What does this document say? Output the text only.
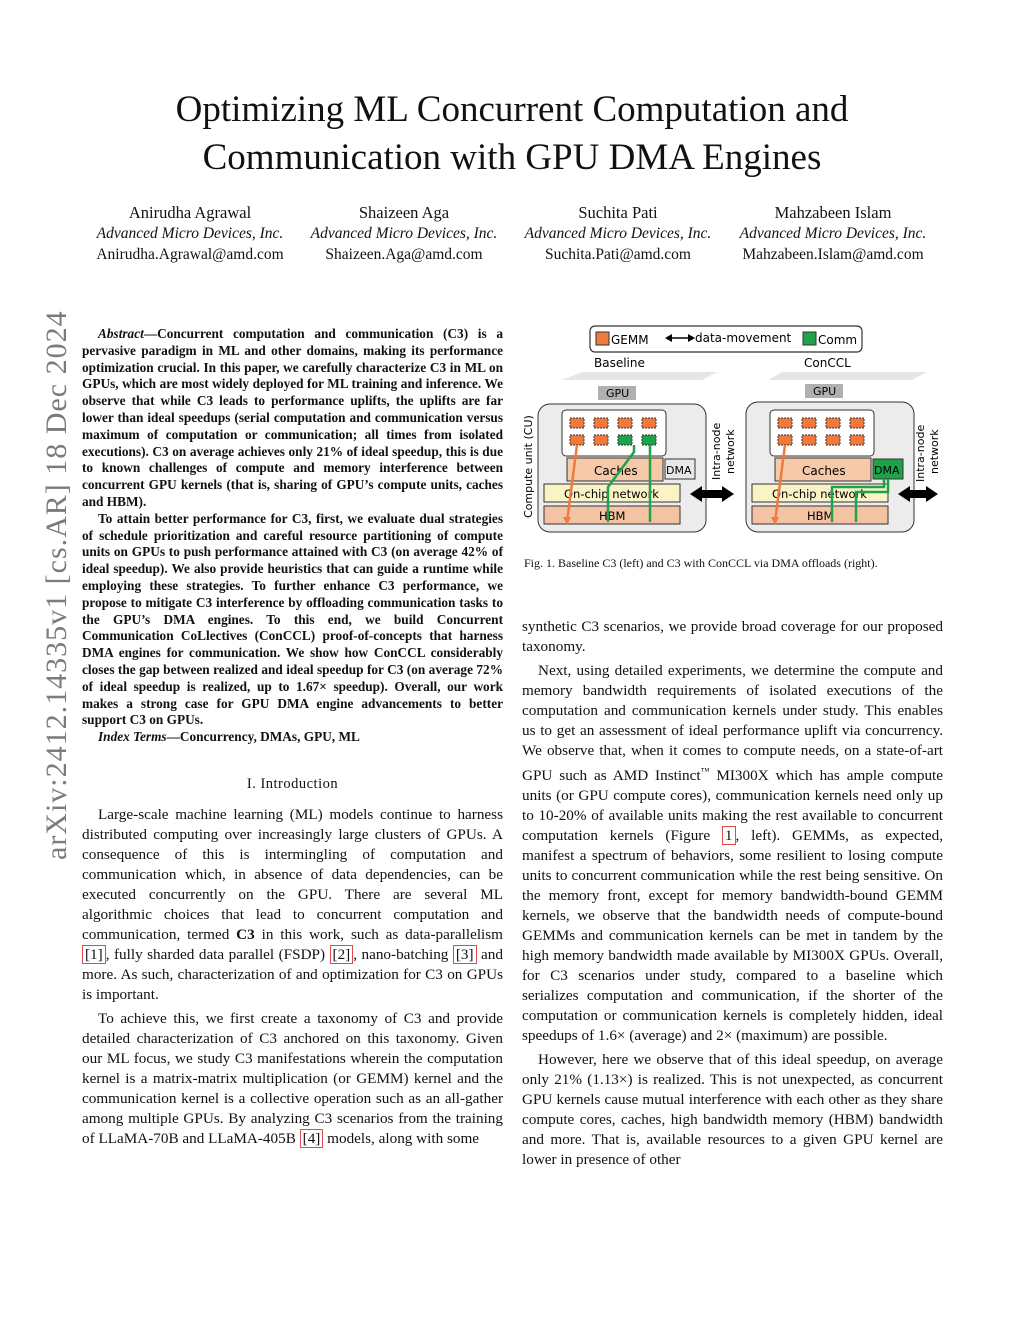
Optimizing ML Concurrent Computation and
Communication with GPU DMA Engines
Anirudha Agrawal
Advanced Micro Devices, Inc.
Anirudha.Agrawal@amd.com
Shaizeen Aga
Advanced Micro Devices, Inc.
Shaizeen.Aga@amd.com
Suchita Pati
Advanced Micro Devices, Inc.
Suchita.Pati@amd.com
Mahzabeen Islam
Advanced Micro Devices, Inc.
Mahzabeen.Islam@amd.com
arXiv:2412.14335v1 [cs.AR] 18 Dec 2024	Abstract—Concurrent computation and communication (C3) is a pervasive paradigm in ML and other domains, making its performance optimization crucial. In this paper, we carefully characterize C3 in ML on GPUs, which are most widely deployed for ML training and inference. We observe that while C3 leads to performance uplifts, the uplifts are far lower than ideal speedups (serial computation and communication versus maximum of computation or communication; all times from isolated executions). C3 on average achieves only 21% of ideal speedup, this is due to known challenges of compute and memory interference between concurrent GPU kernels (that is, sharing of GPU’s compute units, caches and HBM).

To attain better performance for C3, first, we evaluate dual strategies of schedule prioritization and careful resource partitioning of compute units on GPUs to push performance attained with C3 (on average 42% of ideal speedup). We also provide heuristics that can guide a runtime while employing these strategies. To further enhance C3 performance, we propose to mitigate C3 interference by offloading communication tasks to the GPU’s DMA engines. To this end, we build Concurrent Communication CoLlectives (ConCCL) proof-of-concepts that harness DMA engines for communication. We show how ConCCL considerably closes the gap between realized and ideal speedup for C3 (on average 72% of ideal speedup is realized, up to 1.67× speedup). Overall, our work makes a strong case for GPU DMA engine advancements to better support C3 on GPUs.

Index Terms—Concurrency, DMAs, GPU, ML

I. Introduction

Large-scale machine learning (ML) models continue to harness distributed computing over increasingly large clusters of GPUs. A consequence of this is intermingling of computation and communication which, in absence of data dependencies, can be executed concurrently on the GPU. There are several ML algorithmic choices that lead to concurrent computation and communication, termed C3 in this work, such as data-parallelism [1] , fully sharded data parallel (FSDP) [2] , nano-batching [3] and more. As such, characterization of and optimization for C3 on GPUs is important.

To achieve this, we first create a taxonomy of C3 and provide detailed characterization of C3 anchored on this taxonomy. Given our ML focus, we study C3 manifestations wherein the computation kernel is a matrix-matrix multiplication (or GEMM) kernel and the communication kernel is a collective operation such as an all-gather among multiple GPUs. By analyzing C3 scenarios from the training of LLaMA-70B and LLaMA-405B [4] models, along with some

GEMM	data-movement Comm
Baseline	ConCCL
GPU
Compute unit (CU)	Caches	DMA
On-chip network
HBM
Intra-node network
GPU
Caches	DMA
On-chip network
HBM
Intra-node network
Fig. 1. Baseline C3 (left) and C3 with ConCCL via DMA offloads (right).

synthetic C3 scenarios, we provide broad coverage for our proposed taxonomy.

Next, using detailed experiments, we determine the compute and memory bandwidth requirements of isolated executions of the computation and communication kernels under study. This enables us to get an assessment of ideal performance uplift via concurrency. We observe that, when it comes to compute needs, on a state-of-art GPU such as AMD Instinct™ MI300X which has ample compute units (or GPU compute cores), communication kernels need only up to 10-20% of available units making the rest available to concurrent computation kernels (Figure 1 , left). GEMMs, as expected, manifest a spectrum of behaviors, some resilient to losing compute units to concurrent communication while the rest being sensitive. On the memory front, except for memory bandwidth-bound GEMM kernels, we observe that the bandwidth needs of compute-bound GEMMs and communication kernels can be met in tandem by the high memory bandwidth made available by MI300X GPUs. Overall, for C3 scenarios under study, compared to a baseline which serializes computation and communication, if the shorter of the computation or communication kernels is completely hidden, ideal speedups of 1.6× (average) and 2× (maximum) are possible.

However, here we observe that of this ideal speedup, on average only 21% (1.13×) is realized. This is not unexpected, as concurrent GPU kernels cause mutual interference with each other as they share compute cores, caches, high bandwidth memory (HBM) bandwidth and more. That is, available resources to a given GPU kernel are lower in presence of other
